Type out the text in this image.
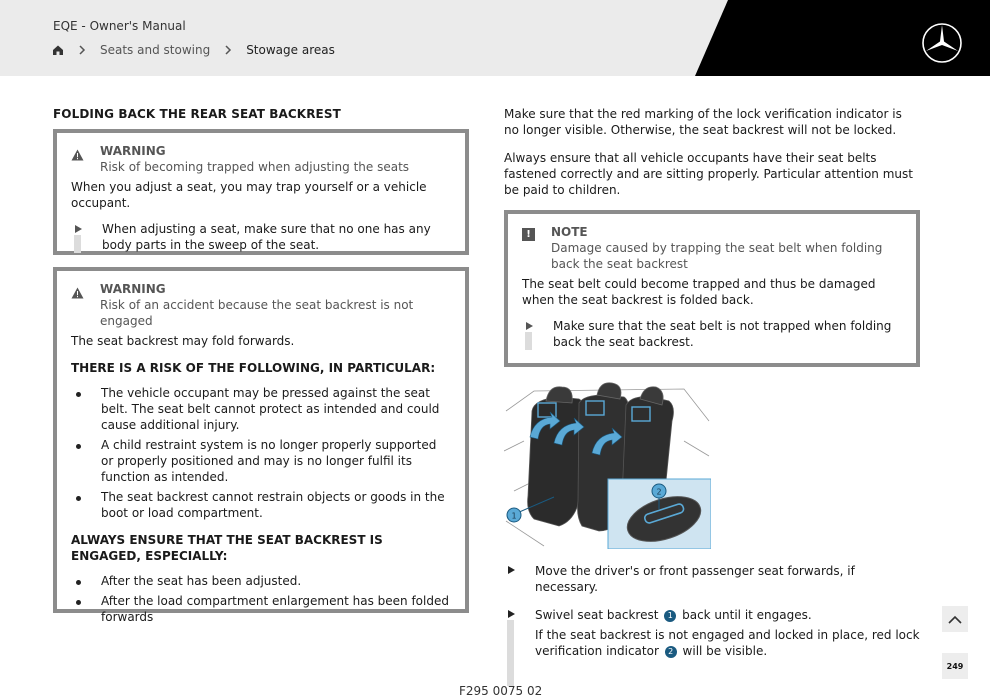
EQE - Owner's Manual
Seats and stowing	Stowage areas
FOLDING BACK THE REAR SEAT BACKREST
WARNING
Risk of becoming trapped when adjusting the seats
When you adjust a seat, you may trap yourself or a vehicle occupant.
When adjusting a seat, make sure that no one has any body parts in the sweep of the seat.
WARNING
Risk of an accident because the seat backrest is not engaged
The seat backrest may fold forwards.
THERE IS A RISK OF THE FOLLOWING, IN PARTICULAR:
The vehicle occupant may be pressed against the seat belt. The seat belt cannot protect as intended and could cause additional injury.
A child restraint system is no longer properly supported or properly positioned and may is no longer fulfil its function as intended.
The seat backrest cannot restrain objects or goods in the boot or load compartment.
ALWAYS ENSURE THAT THE SEAT BACKREST IS ENGAGED, ESPECIALLY:
After the seat has been adjusted.
After the load compartment enlargement has been folded forwards
Make sure that the red marking of the lock verification indicator is no longer visible. Otherwise, the seat backrest will not be locked.
Always ensure that all vehicle occupants have their seat belts fastened correctly and are sitting properly. Particular attention must be paid to children.
!	NOTE
Damage caused by trapping the seat belt when folding back the seat backrest
The seat belt could become trapped and thus be damaged when the seat backrest is folded back.
Make sure that the seat belt is not trapped when folding back the seat backrest.
1
2
Move the driver's or front passenger seat forwards, if necessary.
Swivel seat backrest 1 back until it engages.
If the seat backrest is not engaged and locked in place, red lock verification indicator 2 will be visible.
F295 0075 02
249
